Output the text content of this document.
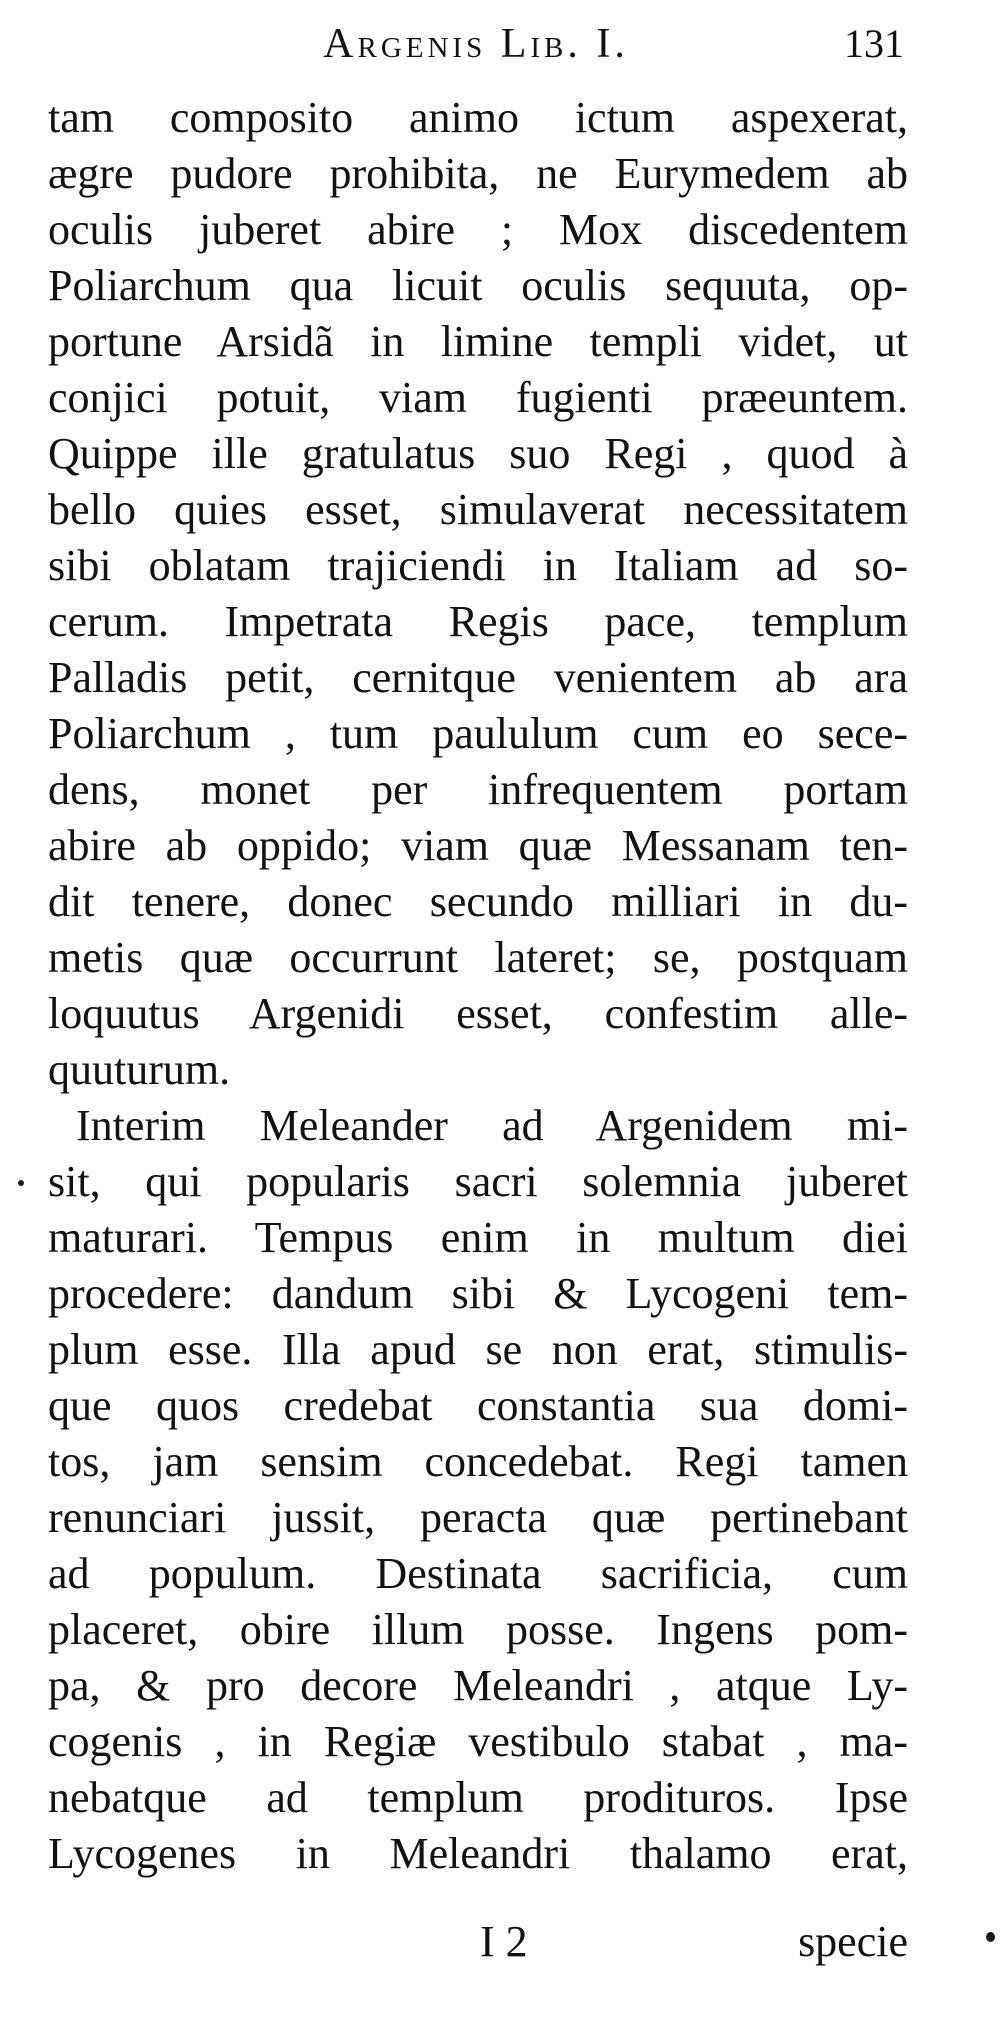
Argenis Lib. I.	131
tam composito animo ictum aspexerat,
ægre pudore prohibita, ne Eurymedem ab
oculis juberet abire ; Mox discedentem
Poliarchum qua licuit oculis sequuta, op-
portune Arsidã in limine templi videt, ut
conjici potuit, viam fugienti præeuntem.
Quippe ille gratulatus suo Regi , quod à
bello quies esset, simulaverat necessitatem
sibi oblatam trajiciendi in Italiam ad so-
cerum. Impetrata Regis pace, templum
Palladis petit, cernitque venientem ab ara
Poliarchum , tum paululum cum eo sece-
dens, monet per infrequentem portam
abire ab oppido; viam quæ Messanam ten-
dit tenere, donec secundo milliari in du-
metis quæ occurrunt lateret; se, postquam
loquutus Argenidi esset, confestim alle-
quuturum.
Interim Meleander ad Argenidem mi-
sit, qui popularis sacri solemnia juberet
maturari. Tempus enim in multum diei
procedere: dandum sibi & Lycogeni tem-
plum esse. Illa apud se non erat, stimulis-
que quos credebat constantia sua domi-
tos, jam sensim concedebat. Regi tamen
renunciari jussit, peracta quæ pertinebant
ad populum. Destinata sacrificia, cum
placeret, obire illum posse. Ingens pom-
pa, & pro decore Meleandri , atque Ly-
cogenis , in Regiæ vestibulo stabat , ma-
nebatque ad templum prodituros. Ipse
Lycogenes in Meleandri thalamo erat,
I 2	specie
